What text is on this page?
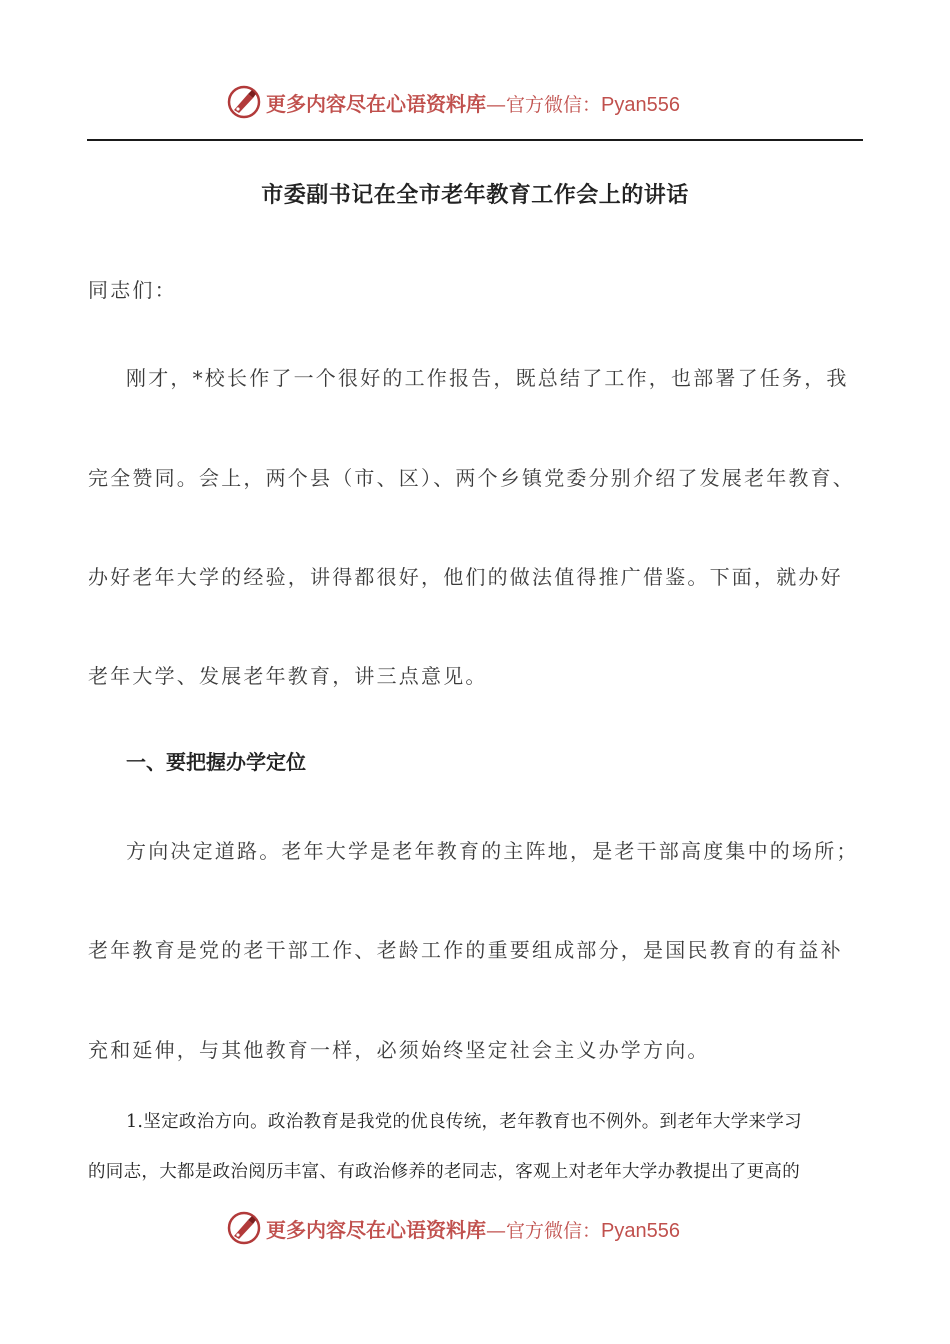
更多内容尽在心语资料库—官方微信：Pyan556
市委副书记在全市老年教育工作会上的讲话
同志们：
刚才，*校长作了一个很好的工作报告，既总结了工作，也部署了任务，我
完全赞同。会上，两个县（市、区）、两个乡镇党委分别介绍了发展老年教育、
办好老年大学的经验，讲得都很好，他们的做法值得推广借鉴。下面，就办好
老年大学、发展老年教育，讲三点意见。
一、要把握办学定位
方向决定道路。老年大学是老年教育的主阵地，是老干部高度集中的场所；
老年教育是党的老干部工作、老龄工作的重要组成部分，是国民教育的有益补
充和延伸，与其他教育一样，必须始终坚定社会主义办学方向。
1.坚定政治方向。政治教育是我党的优良传统，老年教育也不例外。到老年大学来学习
的同志，大都是政治阅历丰富、有政治修养的老同志，客观上对老年大学办教提出了更高的
更多内容尽在心语资料库—官方微信：Pyan556
